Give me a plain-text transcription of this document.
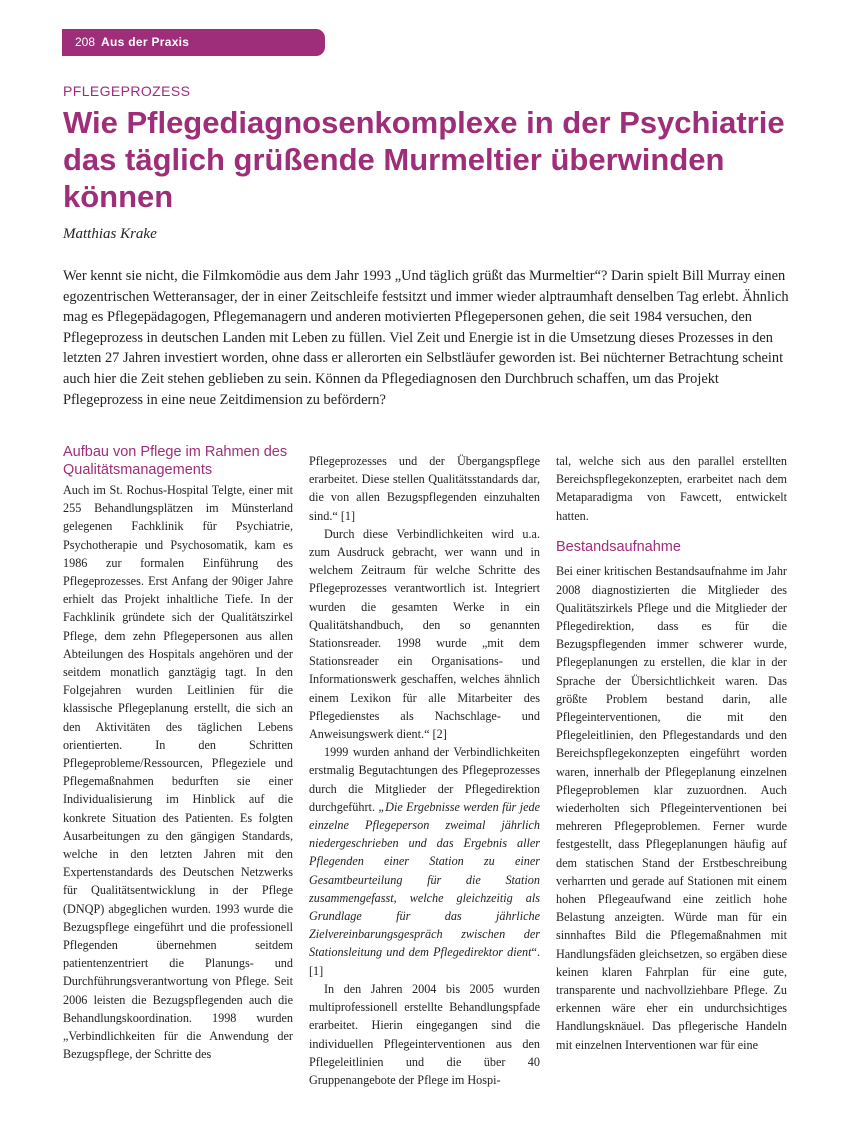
208 Aus der Praxis
PFLEGEPROZESS
Wie Pflegediagnosenkomplexe in der Psychiatrie das täglich grüßende Murmeltier überwinden können
Matthias Krake

Wer kennt sie nicht, die Filmkomödie aus dem Jahr 1993 „Und täglich grüßt das Murmeltier“? Darin spielt Bill Murray einen egozentrischen Wetteransager, der in einer Zeitschleife festsitzt und immer wieder alptraumhaft denselben Tag erlebt. Ähnlich mag es Pflegepädagogen, Pflegemanagern und anderen motivierten Pflegepersonen gehen, die seit 1984 versuchen, den Pflegeprozess in deutschen Landen mit Leben zu füllen. Viel Zeit und Energie ist in die Umsetzung dieses Prozesses in den letzten 27 Jahren investiert worden, ohne dass er allerorten ein Selbstläufer geworden ist. Bei nüchterner Betrachtung scheint auch hier die Zeit stehen geblieben zu sein. Können da Pflegediagnosen den Durchbruch schaffen, um das Projekt Pflegeprozess in eine neue Zeitdimension zu befördern?

Aufbau von Pflege im Rahmen des Qualitätsmanagements

Auch im St. Rochus-Hospital Telgte, einer mit 255 Behandlungsplätzen im Münsterland gelegenen Fachklinik für Psychiatrie, Psychotherapie und Psychosomatik, kam es 1986 zur formalen Einführung des Pflegeprozesses. Erst Anfang der 90iger Jahre erhielt das Projekt inhaltliche Tiefe. In der Fachklinik gründete sich der Qualitätszirkel Pflege, dem zehn Pflegepersonen aus allen Abteilungen des Hospitals angehören und der seitdem monatlich ganztägig tagt. In den Folgejahren wurden Leitlinien für die klassische Pflegeplanung erstellt, die sich an den Aktivitäten des täglichen Lebens orientierten. In den Schritten Pflegeprobleme/Ressourcen, Pflegeziele und Pflegemaßnahmen bedurften sie einer Individualisierung im Hinblick auf die konkrete Situation des Patienten. Es folgten Ausarbeitungen zu den gängigen Standards, welche in den letzten Jahren mit den Expertenstandards des Deutschen Netzwerks für Qualitätsentwicklung in der Pflege (DNQP) abgeglichen wurden. 1993 wurde die Bezugspflege eingeführt und die professionell Pflegenden übernehmen seitdem patientenzentriert die Planungs- und Durchführungsverantwortung von Pflege. Seit 2006 leisten die Bezugspflegenden auch die Behandlungskoordination. 1998 wurden „Verbindlichkeiten für die Anwendung der Bezugspflege, der Schritte des

Pflegeprozesses und der Übergangspflege erarbeitet. Diese stellen Qualitätsstandards dar, die von allen Bezugspflegenden einzuhalten sind.“ [1]

Durch diese Verbindlichkeiten wird u.a. zum Ausdruck gebracht, wer wann und in welchem Zeitraum für welche Schritte des Pflegeprozesses verantwortlich ist. Integriert wurden die gesamten Werke in ein Qualitätshandbuch, den so genannten Stationsreader. 1998 wurde „mit dem Stationsreader ein Organisations- und Informationswerk geschaffen, welches ähnlich einem Lexikon für alle Mitarbeiter des Pflegedienstes als Nachschlage- und Anweisungswerk dient.“ [2]

1999 wurden anhand der Verbindlichkeiten erstmalig Begutachtungen des Pflegeprozesses durch die Mitglieder der Pflegedirektion durchgeführt. „Die Ergebnisse werden für jede einzelne Pflegeperson zweimal jährlich niedergeschrieben und das Ergebnis aller Pflegenden einer Station zu einer Gesamtbeurteilung für die Station zusammengefasst, welche gleichzeitig als Grundlage für das jährliche Zielvereinbarungsgespräch zwischen der Stationsleitung und dem Pflegedirektor dient“. [1]

In den Jahren 2004 bis 2005 wurden multiprofessionell erstellte Behandlungspfade erarbeitet. Hierin eingegangen sind die individuellen Pflegeinterventionen aus den Pflegeleitlinien und die über 40 Gruppenangebote der Pflege im Hospi-

tal, welche sich aus den parallel erstellten Bereichspflegekonzepten, erarbeitet nach dem Metaparadigma von Fawcett, entwickelt hatten.

Bestandsaufnahme

Bei einer kritischen Bestandsaufnahme im Jahr 2008 diagnostizierten die Mitglieder des Qualitätszirkels Pflege und die Mitglieder der Pflegedirektion, dass es für die Bezugspflegenden immer schwerer wurde, Pflegeplanungen zu erstellen, die klar in der Sprache der Übersichtlichkeit waren. Das größte Problem bestand darin, alle Pflegeinterventionen, die mit den Pflegeleitlinien, den Pflegestandards und den Bereichspflegekonzepten eingeführt worden waren, innerhalb der Pflegeplanung einzelnen Pflegeproblemen klar zuzuordnen. Auch wiederholten sich Pflegeinterventionen bei mehreren Pflegeproblemen. Ferner wurde festgestellt, dass Pflegeplanungen häufig auf dem statischen Stand der Erstbeschreibung verharrten und gerade auf Stationen mit einem hohen Pflegeaufwand eine zeitlich hohe Belastung anzeigten. Würde man für ein sinnhaftes Bild die Pflegemaßnahmen mit Handlungsfäden gleichsetzen, so ergäben diese keinen klaren Fahrplan für eine gute, transparente und nachvollziehbare Pflege. Zu erkennen wäre eher ein undurchsichtiges Handlungsknäuel. Das pflegerische Handeln mit einzelnen Interventionen war für eine
